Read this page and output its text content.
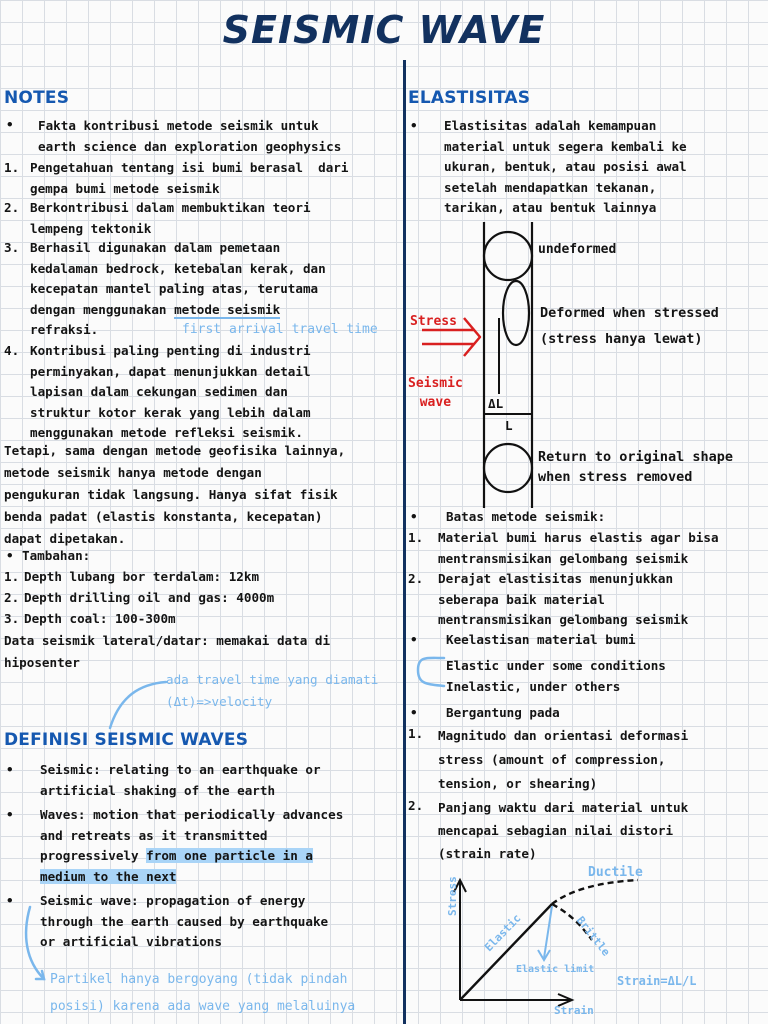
SEISMIC WAVE
NOTES
• Fakta kontribusi metode seismik untuk
earth science dan exploration geophysics
1. Pengetahuan tentang isi bumi berasal  dari
gempa bumi metode seismik
2. Berkontribusi dalam membuktikan teori
lempeng tektonik
3. Berhasil digunakan dalam pemetaan
kedalaman bedrock, ketebalan kerak, dan
kecepatan mantel paling atas, terutama
dengan menggunakan metode seismik
refraksi.	first arrival travel time
4. Kontribusi paling penting di industri
perminyakan, dapat menunjukkan detail
lapisan dalam cekungan sedimen dan
struktur kotor kerak yang lebih dalam
menggunakan metode refleksi seismik.
Tetapi, sama dengan metode geofisika lainnya,
metode seismik hanya metode dengan
pengukuran tidak langsung. Hanya sifat fisik
benda padat (elastis konstanta, kecepatan)
dapat dipetakan.
• Tambahan:
1. Depth lubang bor terdalam: 12km
2. Depth drilling oil and gas: 4000m
3. Depth coal: 100-300m
Data seismik lateral/datar: memakai data di
hiposenter
ada travel time yang diamati
(Δt)=>velocity
DEFINISI SEISMIC WAVES
• Seismic: relating to an earthquake or
artificial shaking of the earth
• Waves: motion that periodically advances
and retreats as it transmitted
progressively from one particle in a
medium to the next
• Seismic wave: propagation of energy
through the earth caused by earthquake
or artificial vibrations
Partikel hanya bergoyang (tidak pindah
posisi) karena ada wave yang melaluinya
ELASTISITAS
• Elastisitas adalah kemampuan
material untuk segera kembali ke
ukuran, bentuk, atau posisi awal
setelah mendapatkan tekanan,
tarikan, atau bentuk lainnya
undeformed
Deformed when stressed
(stress hanya lewat)
Stress
Seismic
wave	ΔL
L
Return to original shape
when stress removed
• Batas metode seismik:
1. Material bumi harus elastis agar bisa
mentransmisikan gelombang seismik
2. Derajat elastisitas menunjukkan
seberapa baik material
mentransmisikan gelombang seismik
• Keelastisan material bumi
Elastic under some conditions
Inelastic, under others
• Bergantung pada
1. Magnitudo dan orientasi deformasi
stress (amount of compression,
tension, or shearing)
2. Panjang waktu dari material untuk
mencapai sebagian nilai distori
(strain rate)
Ductile
Stress
Elastic	Brittle
Elastic limit
Strain=ΔL/L
Strain
